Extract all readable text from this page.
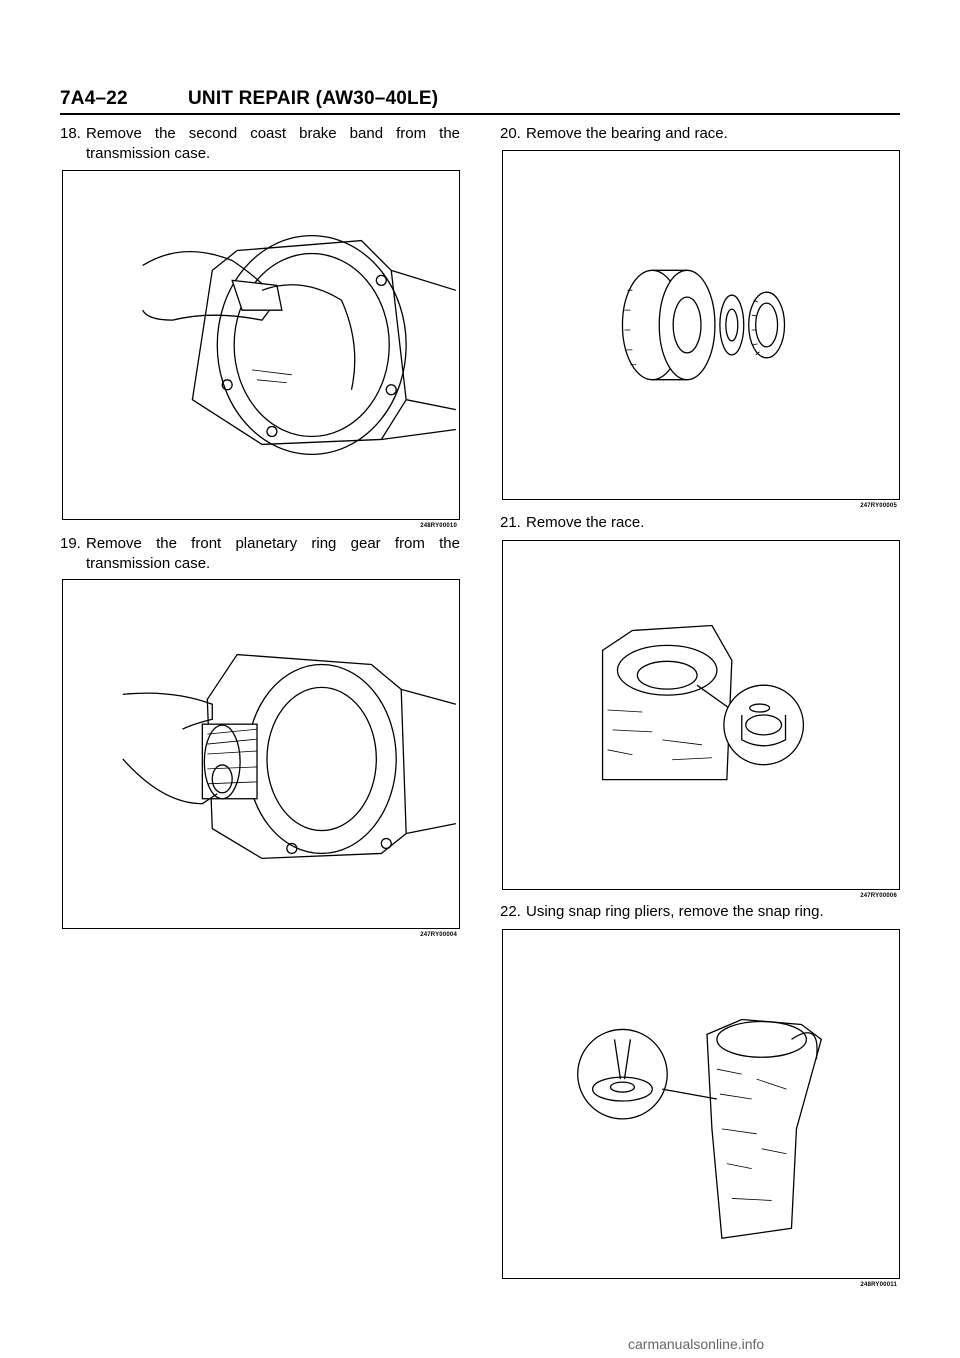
7A4–22	UNIT REPAIR (AW30–40LE)
18. Remove the second coast brake band from the transmission case.
248RY00010
19. Remove the front planetary ring gear from the transmission case.
247RY00004
20. Remove the bearing and race.
247RY00005
21. Remove the race.
247RY00006
22. Using snap ring pliers, remove the snap ring.
248RY00011
carmanualsonline.info
